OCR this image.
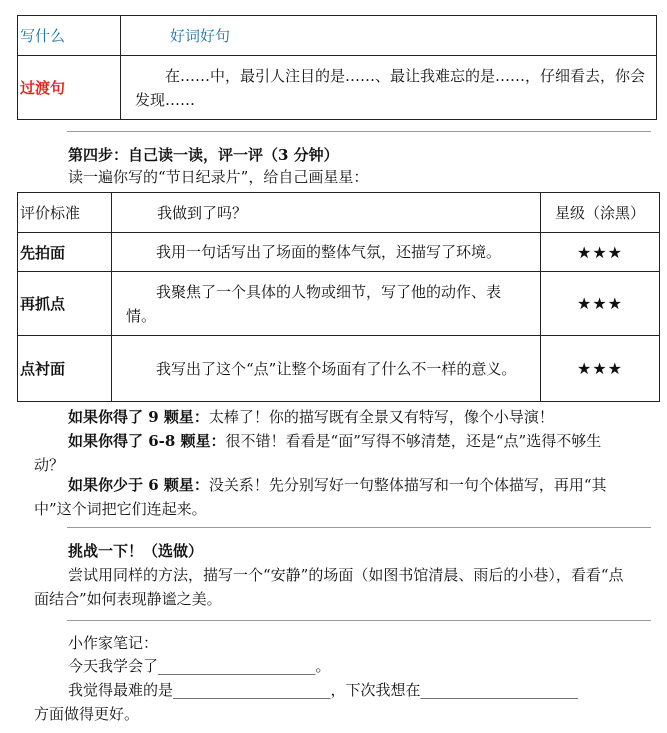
写什么	好词好句
过渡句	在……中，最引人注目的是……、最让我难忘的是……，仔细看去，你会发现……
第四步：自己读一读，评一评（3 分钟）
读一遍你写的“节日纪录片”，给自己画星星：
评价标准	我做到了吗？	星级（涂黑）
先拍面	我用一句话写出了场面的整体气氛，还描写了环境。	★★★
再抓点	我聚焦了一个具体的人物或细节，写了他的动作、表情。	★★★
点衬面	我写出了这个“点”让整个场面有了什么不一样的意义。	★★★
如果你得了 9 颗星：太棒了！你的描写既有全景又有特写，像个小导演！
如果你得了 6-8 颗星：很不错！看看是“面”写得不够清楚，还是“点”选得不够生动？
如果你少于 6 颗星：没关系！先分别写好一句整体描写和一句个体描写，再用“其中”这个词把它们连起来。
挑战一下！（选做）
尝试用同样的方法，描写一个“安静”的场面（如图书馆清晨、雨后的小巷），看看“点面结合”如何表现静谧之美。
小作家笔记：
今天我学会了_____________________。
我觉得最难的是_____________________，下次我想在_____________________
方面做得更好。
